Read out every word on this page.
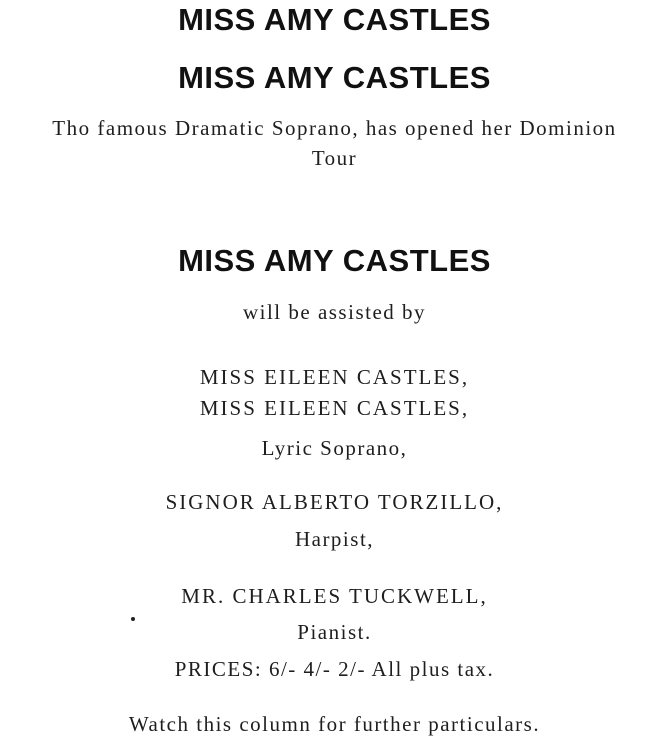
MISS AMY CASTLES
MISS AMY CASTLES
Tho famous Dramatic Soprano, has opened her Dominion
Tour
MISS AMY CASTLES
will be assisted by
MISS EILEEN CASTLES,
MISS EILEEN CASTLES,
Lyric Soprano,
SIGNOR ALBERTO TORZILLO,
Harpist,
MR. CHARLES TUCKWELL,
Pianist.
PRICES: 6/- 4/- 2/- All plus tax.
Watch this column for further particulars.
